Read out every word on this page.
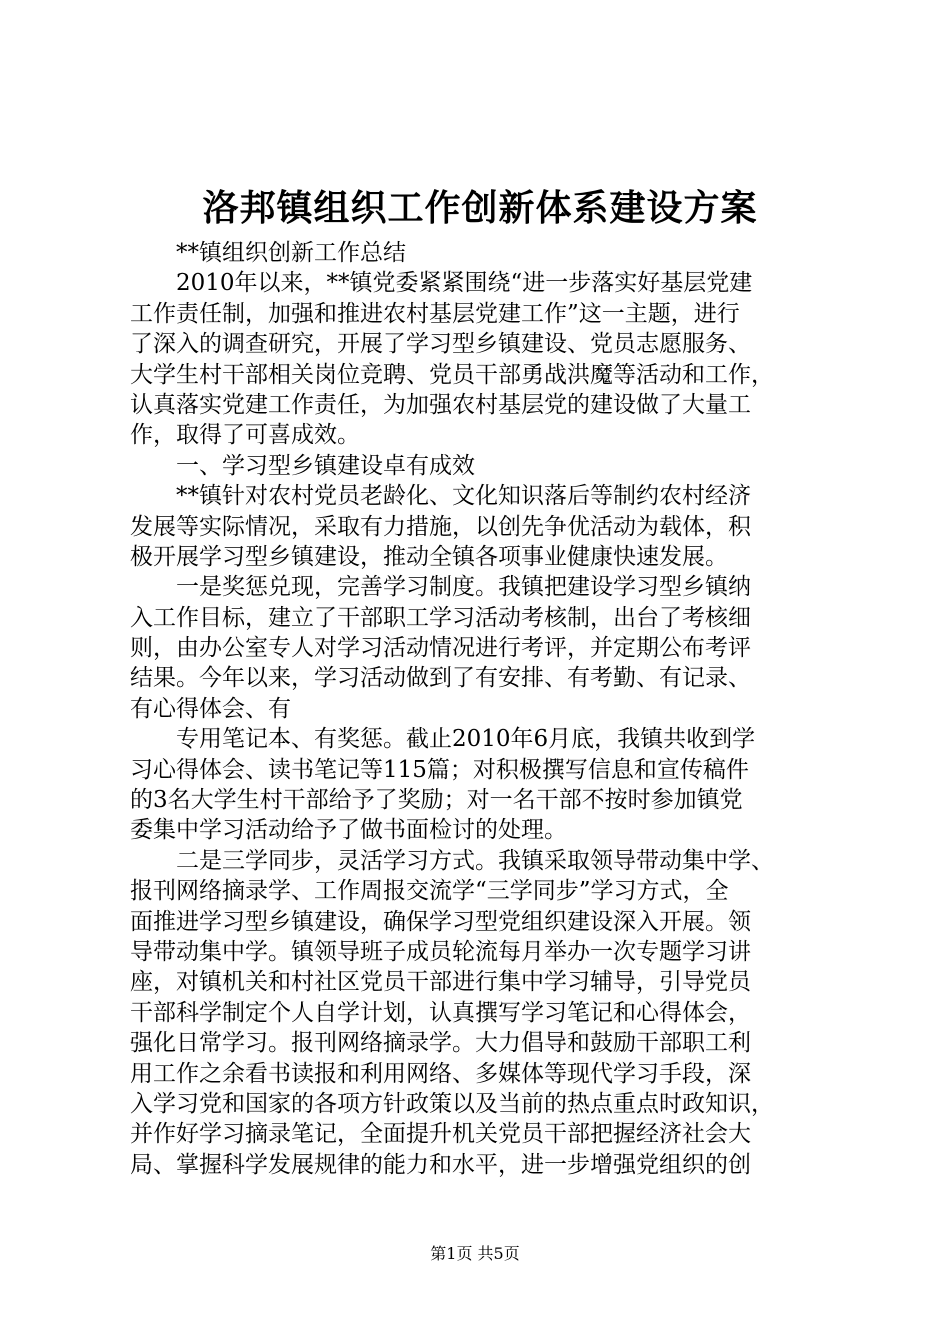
洛邦镇组织工作创新体系建设方案
**镇组织创新工作总结
2010年以来，**镇党委紧紧围绕“进一步落实好基层党建
工作责任制，加强和推进农村基层党建工作”这一主题，进行
了深入的调查研究，开展了学习型乡镇建设、党员志愿服务、
大学生村干部相关岗位竞聘、党员干部勇战洪魔等活动和工作，
认真落实党建工作责任，为加强农村基层党的建设做了大量工
作，取得了可喜成效。
一、学习型乡镇建设卓有成效
**镇针对农村党员老龄化、文化知识落后等制约农村经济
发展等实际情况，采取有力措施，以创先争优活动为载体，积
极开展学习型乡镇建设，推动全镇各项事业健康快速发展。
一是奖惩兑现，完善学习制度。我镇把建设学习型乡镇纳
入工作目标，建立了干部职工学习活动考核制，出台了考核细
则，由办公室专人对学习活动情况进行考评，并定期公布考评
结果。今年以来，学习活动做到了有安排、有考勤、有记录、
有心得体会、有
专用笔记本、有奖惩。截止2010年6月底，我镇共收到学
习心得体会、读书笔记等115篇；对积极撰写信息和宣传稿件
的3名大学生村干部给予了奖励；对一名干部不按时参加镇党
委集中学习活动给予了做书面检讨的处理。
二是三学同步，灵活学习方式。我镇采取领导带动集中学、
报刊网络摘录学、工作周报交流学“三学同步”学习方式，全
面推进学习型乡镇建设，确保学习型党组织建设深入开展。领
导带动集中学。镇领导班子成员轮流每月举办一次专题学习讲
座，对镇机关和村社区党员干部进行集中学习辅导，引导党员
干部科学制定个人自学计划，认真撰写学习笔记和心得体会，
强化日常学习。报刊网络摘录学。大力倡导和鼓励干部职工利
用工作之余看书读报和利用网络、多媒体等现代学习手段，深
入学习党和国家的各项方针政策以及当前的热点重点时政知识，
并作好学习摘录笔记，全面提升机关党员干部把握经济社会大
局、掌握科学发展规律的能力和水平，进一步增强党组织的创
第1页 共5页
